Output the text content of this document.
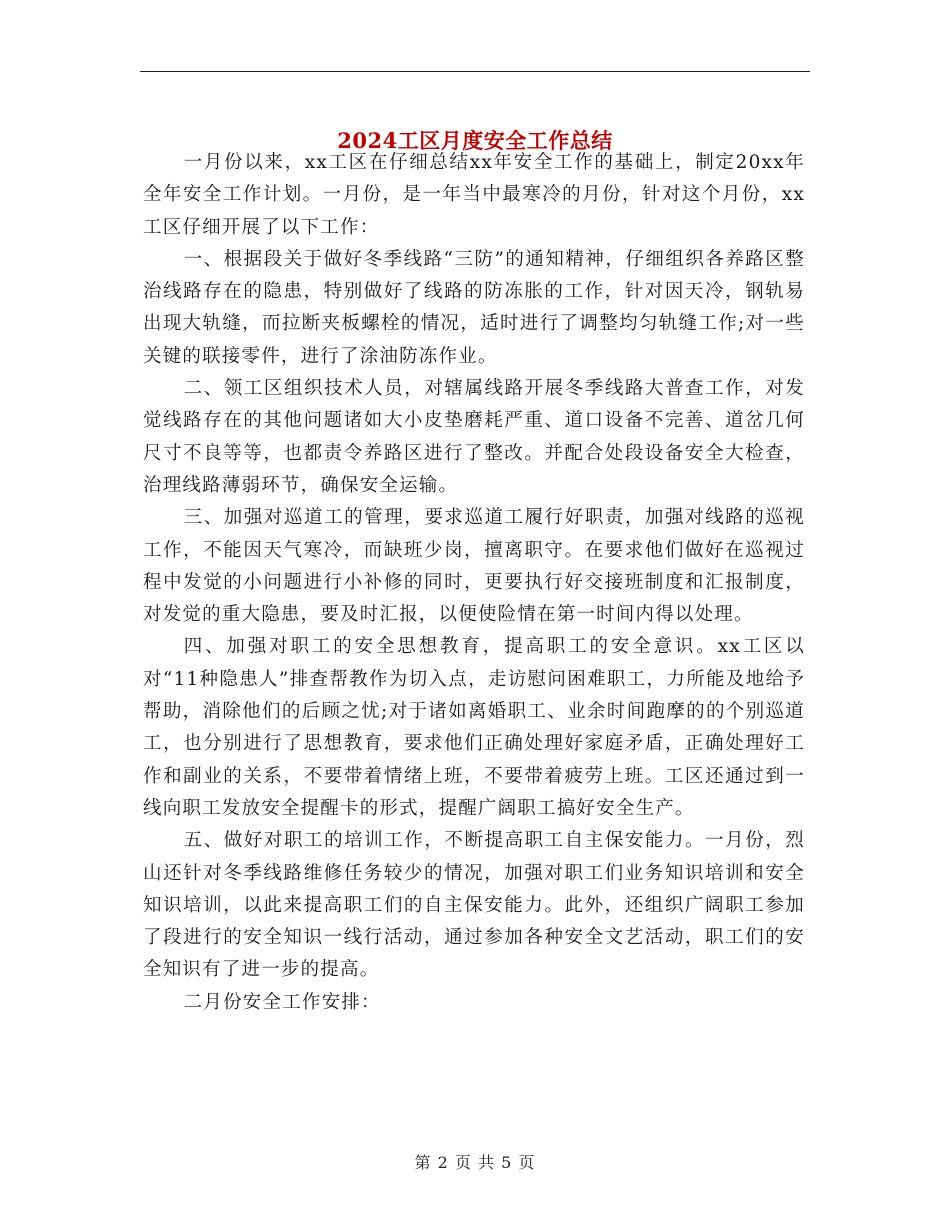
2024工区月度安全工作总结

一月份以来，xx工区在仔细总结xx年安全工作的基础上，制定20xx年全年安全工作计划。一月份，是一年当中最寒冷的月份，针对这个月份，xx工区仔细开展了以下工作：

一、根据段关于做好冬季线路“三防”的通知精神，仔细组织各养路区整治线路存在的隐患，特别做好了线路的防冻胀的工作，针对因天冷，钢轨易出现大轨缝，而拉断夹板螺栓的情况，适时进行了调整均匀轨缝工作;对一些关键的联接零件，进行了涂油防冻作业。

二、领工区组织技术人员，对辖属线路开展冬季线路大普查工作，对发觉线路存在的其他问题诸如大小皮垫磨耗严重、道口设备不完善、道岔几何尺寸不良等等，也都责令养路区进行了整改。并配合处段设备安全大检查，治理线路薄弱环节，确保安全运输。

三、加强对巡道工的管理，要求巡道工履行好职责，加强对线路的巡视工作，不能因天气寒冷，而缺班少岗，擅离职守。在要求他们做好在巡视过程中发觉的小问题进行小补修的同时，更要执行好交接班制度和汇报制度，对发觉的重大隐患，要及时汇报，以便使险情在第一时间内得以处理。

四、加强对职工的安全思想教育，提高职工的安全意识。xx工区以对“11种隐患人”排查帮教作为切入点，走访慰问困难职工，力所能及地给予帮助，消除他们的后顾之忧;对于诸如离婚职工、业余时间跑摩的的个别巡道工，也分别进行了思想教育，要求他们正确处理好家庭矛盾，正确处理好工作和副业的关系，不要带着情绪上班，不要带着疲劳上班。工区还通过到一线向职工发放安全提醒卡的形式，提醒广阔职工搞好安全生产。

五、做好对职工的培训工作，不断提高职工自主保安能力。一月份，烈山还针对冬季线路维修任务较少的情况，加强对职工们业务知识培训和安全知识培训，以此来提高职工们的自主保安能力。此外，还组织广阔职工参加了段进行的安全知识一线行活动，通过参加各种安全文艺活动，职工们的安全知识有了进一步的提高。

二月份安全工作安排：

第 2 页 共 5 页
